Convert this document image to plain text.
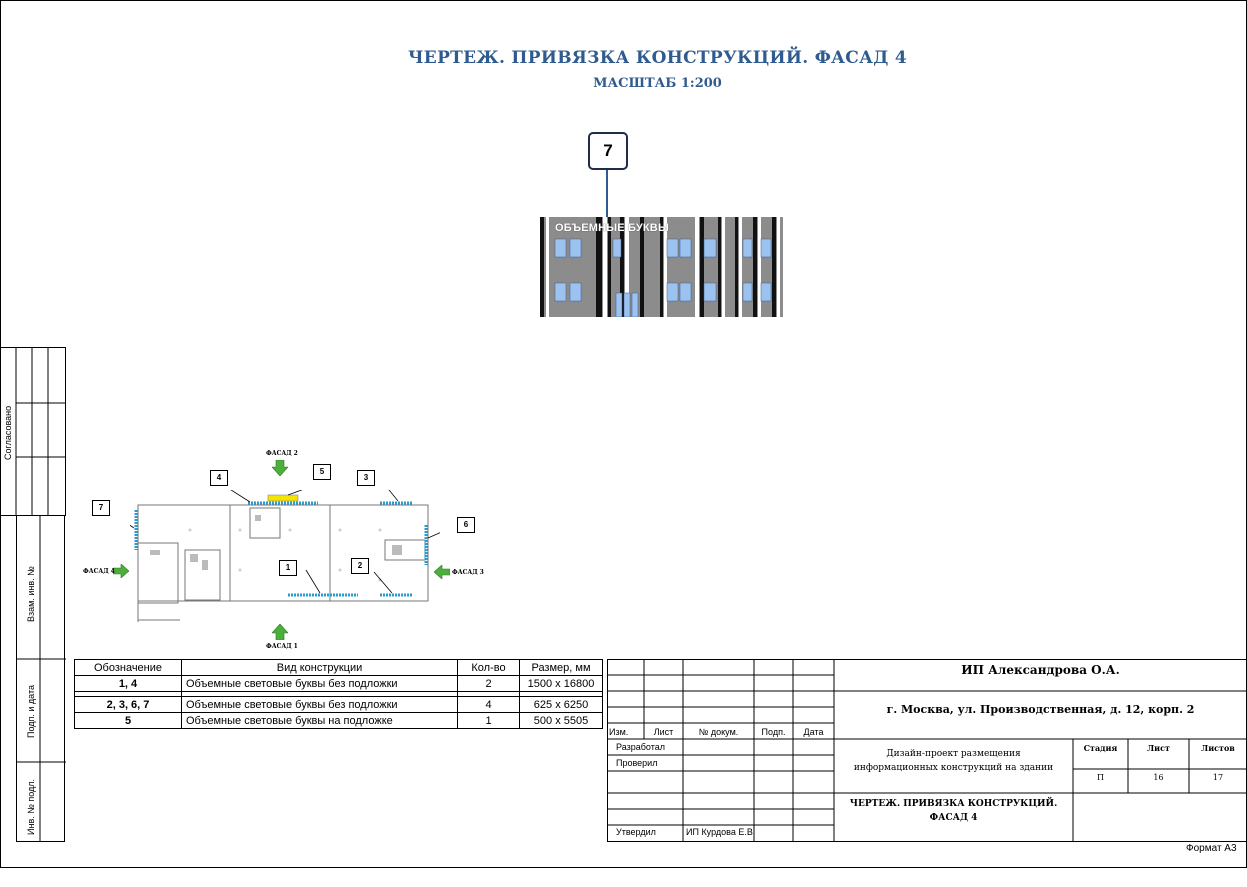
ЧЕРТЕЖ. ПРИВЯЗКА КОНСТРУКЦИЙ. ФАСАД 4
МАСШТАБ 1:200
7
ОБЪЕМНЫЕ БУКВЫ
Согласовано
Взам. инв. №
Подп. и дата
Инв. № подл.
ФАСАД 2
ФАСАД 1
ФАСАД 4	ФАСАД 3
1	2
3
4
5
6
7
Обозначение	Вид конструкции	Кол-во	Размер, мм
1, 4	Объемные световые буквы без подложки	2	1500 х 16800

2, 3, 6, 7	Объемные световые буквы без подложки	4	625 х 6250
5	Объемные световые буквы на подложке	1	500 х 5505
ИП Александрова О.А.
г. Москва, ул. Производственная, д. 12, корп. 2
Дизайн-проект размещения
информационных конструкций на здании
ЧЕРТЕЖ. ПРИВЯЗКА КОНСТРУКЦИЙ.
ФАСАД 4
Стадия	Лист	Листов
П	16	17
Изм.	Лист	№ докум.	Подп.	Дата
Разработал
Проверил
Утвердил	ИП Курдова Е.В.
Формат А3
